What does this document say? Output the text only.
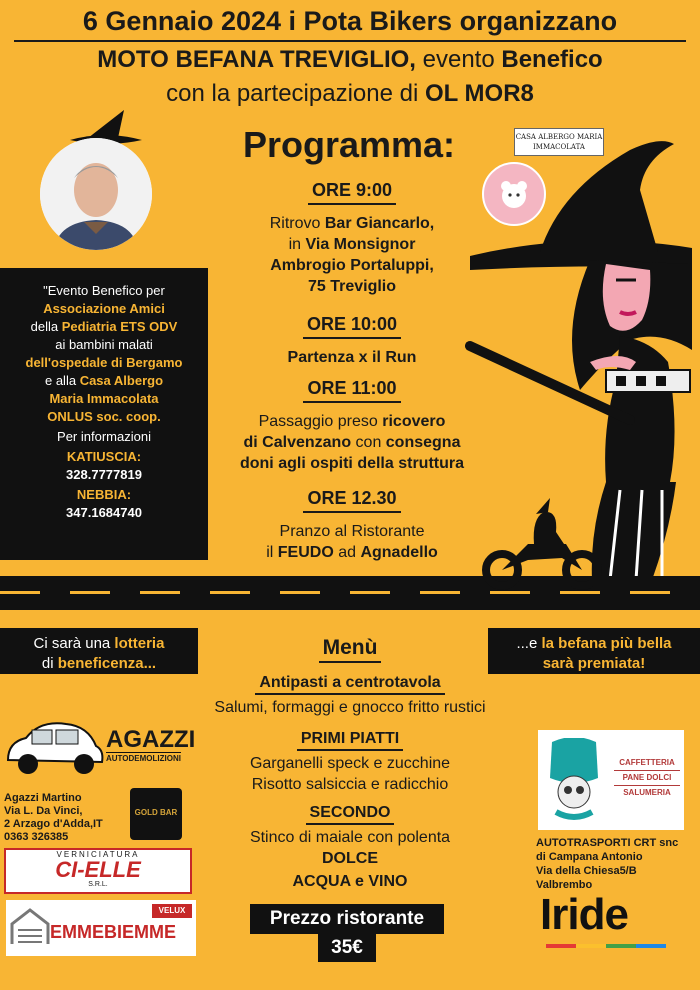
6 Gennaio 2024 i Pota Bikers organizzano
MOTO BEFANA TREVIGLIO, evento Benefico
con la partecipazione di OL MOR8
Programma:	CASA ALBERGO MARIA IMMACOLATA
ORE 9:00
Ritrovo Bar Giancarlo,
in Via Monsignor
Ambrogio Portaluppi,
75 Treviglio
ORE 10:00
Partenza x il Run
ORE 11:00
Passaggio preso ricovero
di Calvenzano con consegna
doni agli ospiti della struttura
ORE 12.30
Pranzo al Ristorante
il FEUDO ad Agnadello
"Evento Benefico per
Associazione Amici
della Pediatria ETS ODV
ai bambini malati
dell'ospedale di Bergamo
e alla Casa Albergo
Maria Immacolata
ONLUS soc. coop.
Per informazioni
KATIUSCIA:
328.7777819
NEBBIA:
347.1684740
Ci sarà una lotteria
di beneficenza...
...e la befana più bella
sarà premiata!
Menù
Antipasti a centrotavola
Salumi, formaggi e gnocco fritto rustici
PRIMI PIATTI
Garganelli speck e zucchine
Risotto salsiccia e radicchio
SECONDO
Stinco di maiale con polenta
DOLCE
ACQUA e VINO
Prezzo ristorante
35€
AGAZZI
AUTODEMOLIZIONI
Agazzi Martino
Via L. Da Vinci,
2 Arzago d'Adda,IT
0363 326385
GOLD BAR
VERNICIATURA
CI-ELLE
S.R.L.
EMMEBIEMME
VELUX
CAFFETTERIA
PANE DOLCI
SALUMERIA
AUTOTRASPORTI CRT snc
di Campana Antonio
Via della Chiesa5/B
Valbrembo
Iride
